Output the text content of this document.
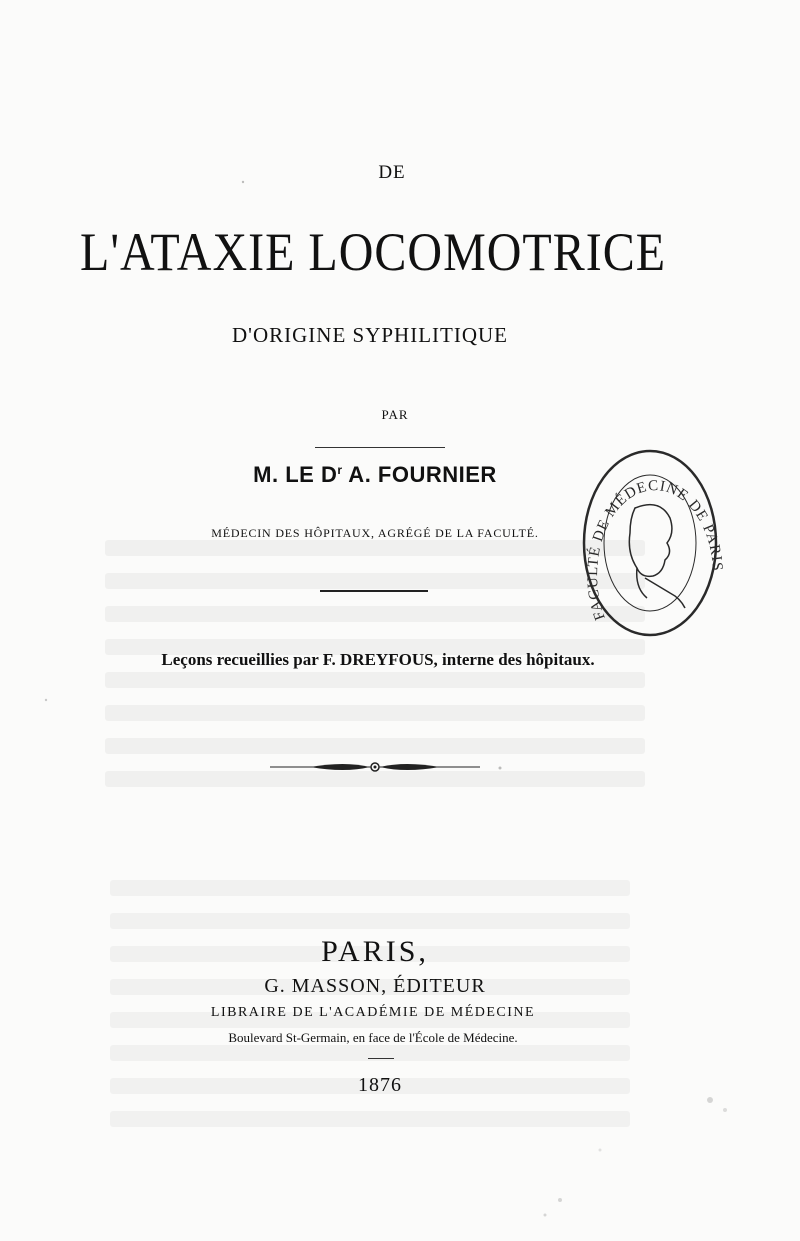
DE
L'ATAXIE LOCOMOTRICE
D'ORIGINE SYPHILITIQUE
PAR
M. LE $D^r$ A. FOURNIER
MÉDECIN DES HÔPITAUX, AGRÉGÉ DE LA FACULTÉ.
Leçons recueillies par F. DREYFOUS, interne des hôpitaux.
PARIS,
G. MASSON, ÉDITEUR
LIBRAIRE DE L'ACADÉMIE DE MÉDECINE
Boulevard St-Germain, en face de l'École de Médecine.
1876
FACULTÉ DE MÉDECINE DE PARIS
